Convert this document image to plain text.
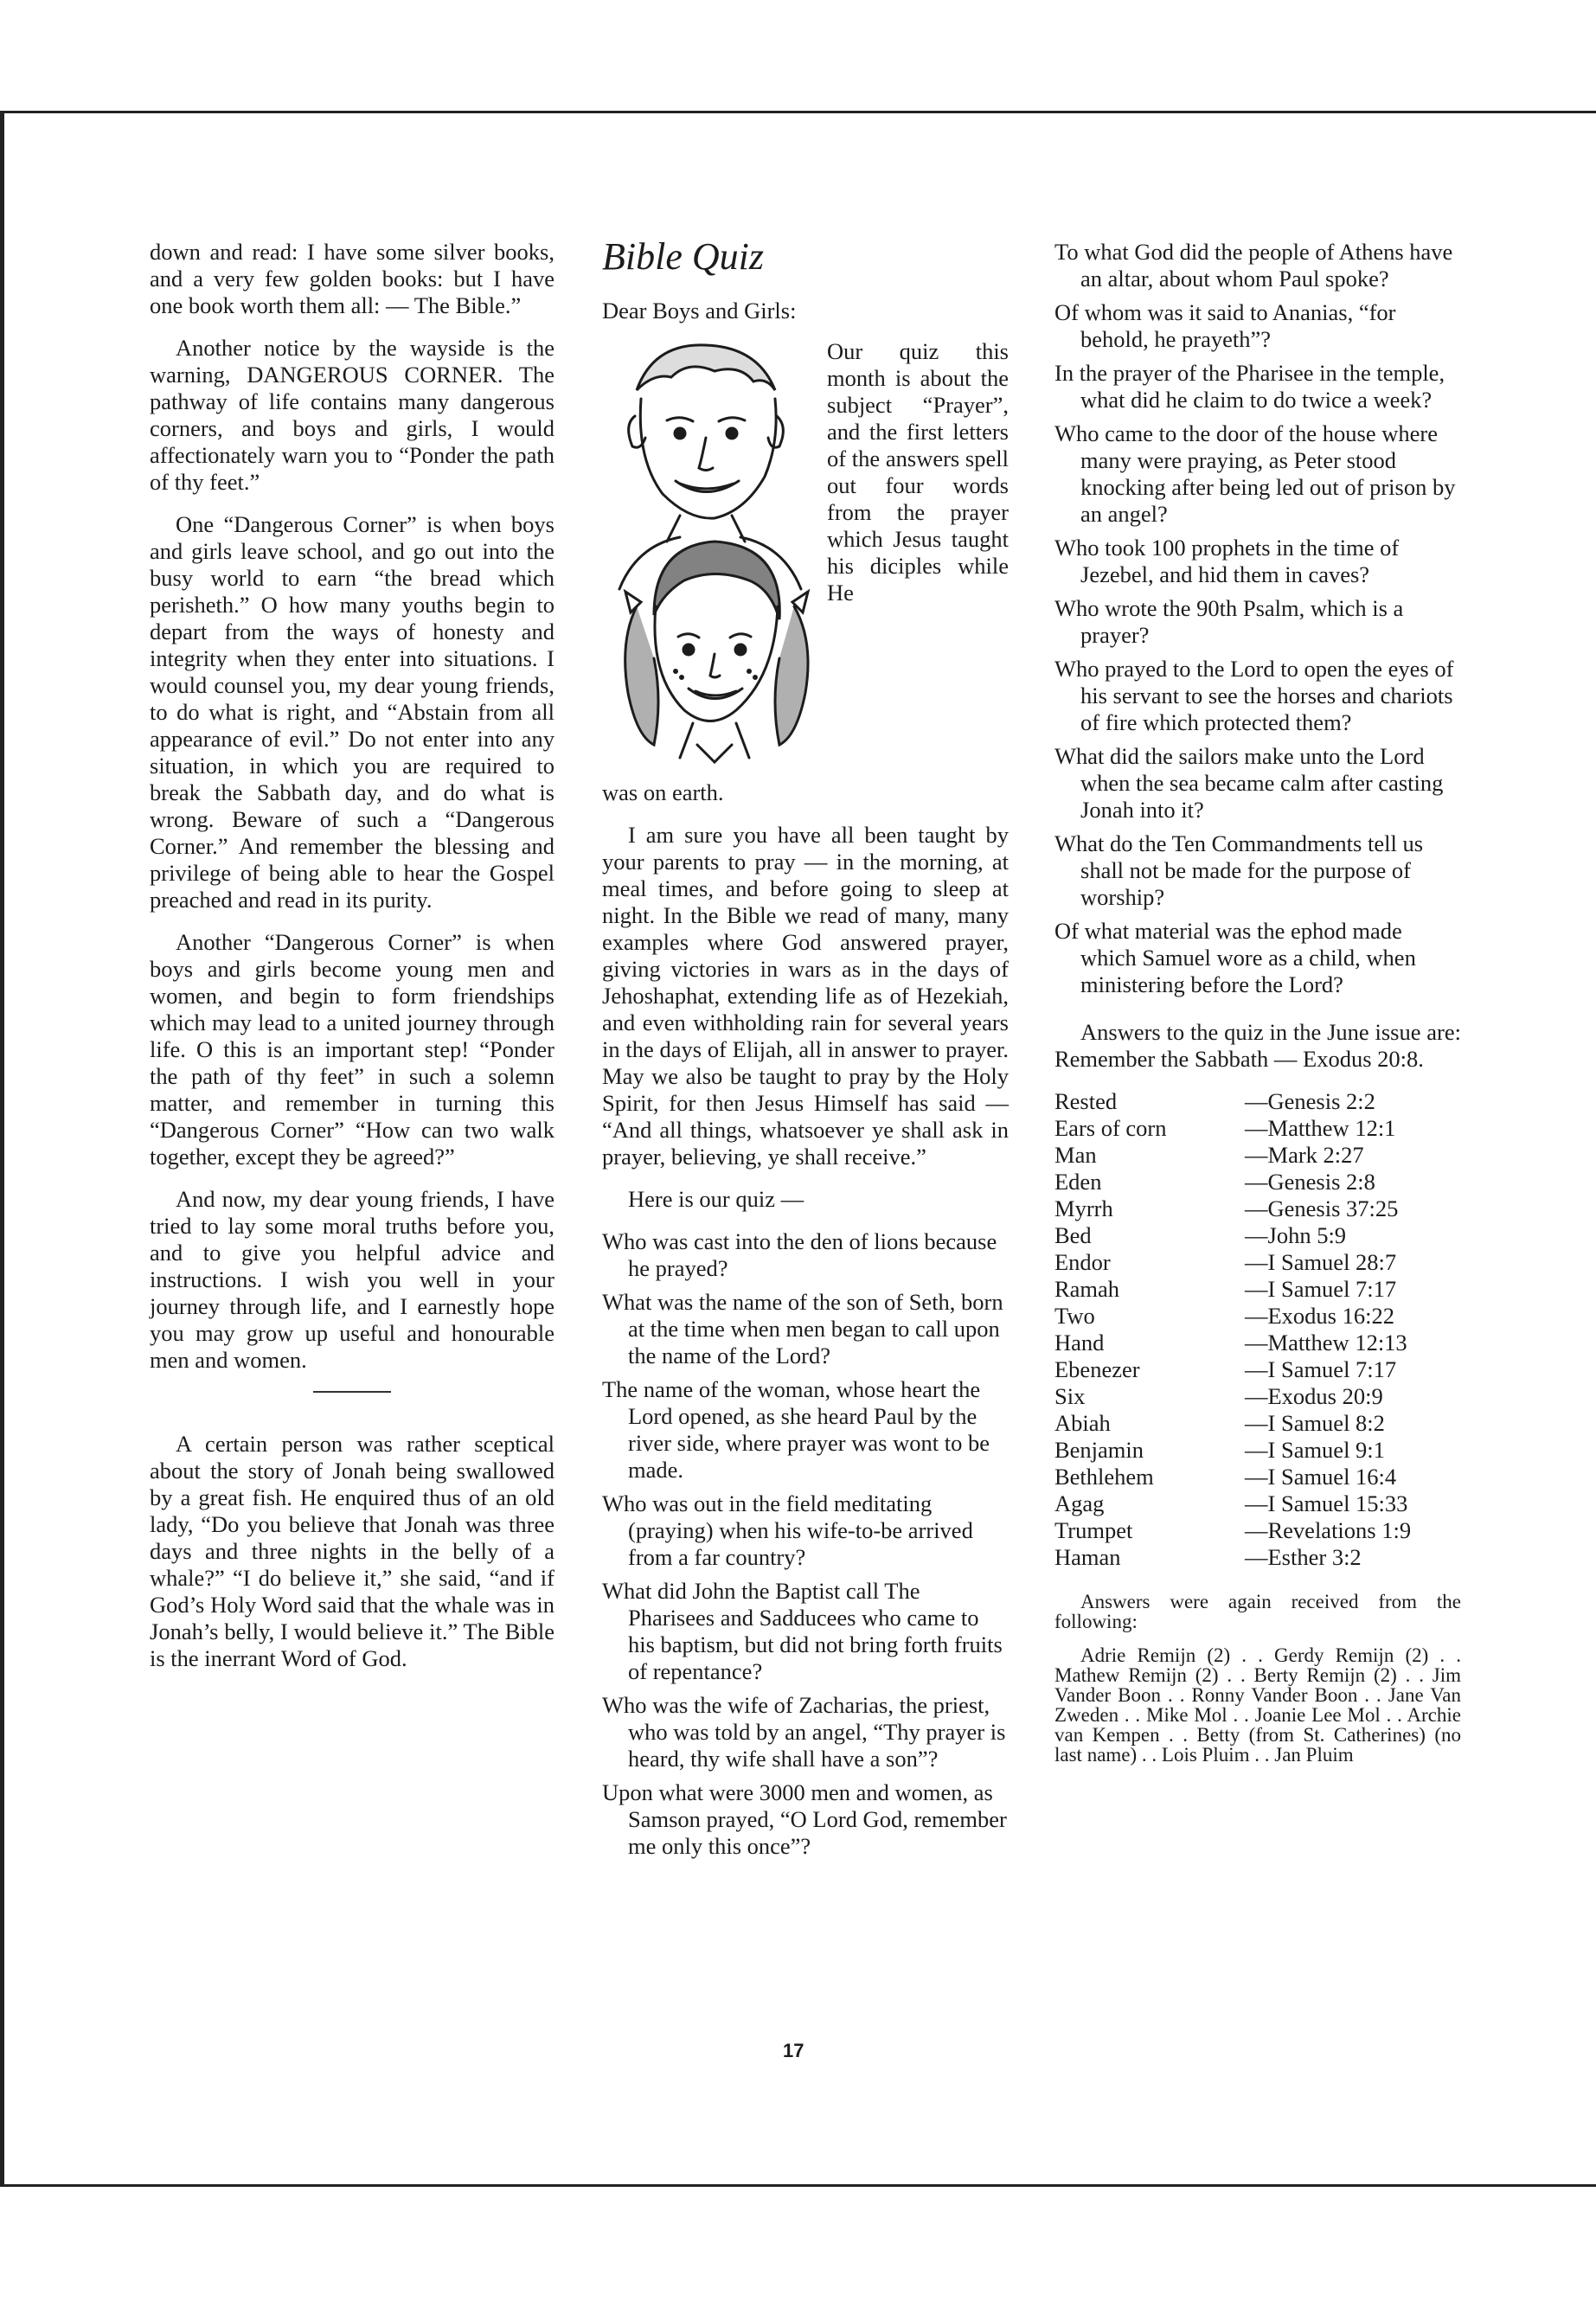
down and read: I have some silver books, and a very few golden books: but I have one book worth them all: — The Bible.”

Another notice by the wayside is the warning, DANGEROUS CORNER. The pathway of life contains many dangerous corners, and boys and girls, I would affectionately warn you to “Ponder the path of thy feet.”

One “Dangerous Corner” is when boys and girls leave school, and go out into the busy world to earn “the bread which perisheth.” O how many youths begin to depart from the ways of honesty and integrity when they enter into situations. I would counsel you, my dear young friends, to do what is right, and “Abstain from all appearance of evil.” Do not enter into any situation, in which you are required to break the Sabbath day, and do what is wrong. Beware of such a “Dangerous Corner.” And remember the blessing and privilege of being able to hear the Gospel preached and read in its purity.

Another “Dangerous Corner” is when boys and girls become young men and women, and begin to form friendships which may lead to a united journey through life. O this is an important step! “Ponder the path of thy feet” in such a solemn matter, and remember in turning this “Dangerous Corner” “How can two walk together, except they be agreed?”

And now, my dear young friends, I have tried to lay some moral truths before you, and to give you helpful advice and instructions. I wish you well in your journey through life, and I earnestly hope you may grow up useful and honourable men and women.

A certain person was rather sceptical about the story of Jonah being swallowed by a great fish. He enquired thus of an old lady, “Do you believe that Jonah was three days and three nights in the belly of a whale?” “I do believe it,” she said, “and if God’s Holy Word said that the whale was in Jonah’s belly, I would believe it.” The Bible is the inerrant Word of God.

Bible Quiz

Dear Boys and Girls:

Our quiz this month is about the subject “Prayer”, and the first letters of the answers spell out four words from the prayer which Jesus taught his diciples while He

was on earth.

I am sure you have all been taught by your parents to pray — in the morning, at meal times, and before going to sleep at night. In the Bible we read of many, many examples where God answered prayer, giving victories in wars as in the days of Jehoshaphat, extending life as of Hezekiah, and even withholding rain for several years in the days of Elijah, all in answer to prayer. May we also be taught to pray by the Holy Spirit, for then Jesus Himself has said — “And all things, whatsoever ye shall ask in prayer, believing, ye shall receive.”

Here is our quiz —

Who was cast into the den of lions because he prayed?

What was the name of the son of Seth, born at the time when men began to call upon the name of the Lord?

The name of the woman, whose heart the Lord opened, as she heard Paul by the river side, where prayer was wont to be made.

Who was out in the field meditating (praying) when his wife-to-be arrived from a far country?

What did John the Baptist call The Pharisees and Sadducees who came to his baptism, but did not bring forth fruits of repentance?

Who was the wife of Zacharias, the priest, who was told by an angel, “Thy prayer is heard, thy wife shall have a son”?

Upon what were 3000 men and women, as Samson prayed, “O Lord God, remember me only this once”?

To what God did the people of Athens have an altar, about whom Paul spoke?

Of whom was it said to Ananias, “for behold, he prayeth”?

In the prayer of the Pharisee in the temple, what did he claim to do twice a week?

Who came to the door of the house where many were praying, as Peter stood knocking after being led out of prison by an angel?

Who took 100 prophets in the time of Jezebel, and hid them in caves?

Who wrote the 90th Psalm, which is a prayer?

Who prayed to the Lord to open the eyes of his servant to see the horses and chariots of fire which protected them?

What did the sailors make unto the Lord when the sea became calm after casting Jonah into it?

What do the Ten Commandments tell us shall not be made for the purpose of worship?

Of what material was the ephod made which Samuel wore as a child, when ministering before the Lord?

Answers to the quiz in the June issue are: Remember the Sabbath — Exodus 20:8.

Rested	—Genesis 2:2
Ears of corn	—Matthew 12:1
Man	—Mark 2:27
Eden	—Genesis 2:8
Myrrh	—Genesis 37:25
Bed	—John 5:9
Endor	—I Samuel 28:7
Ramah	—I Samuel 7:17
Two	—Exodus 16:22
Hand	—Matthew 12:13
Ebenezer	—I Samuel 7:17
Six	—Exodus 20:9
Abiah	—I Samuel 8:2
Benjamin	—I Samuel 9:1
Bethlehem	—I Samuel 16:4
Agag	—I Samuel 15:33
Trumpet	—Revelations 1:9
Haman	—Esther 3:2

Answers were again received from the following:

Adrie Remijn (2) . . Gerdy Remijn (2) . . Mathew Remijn (2) . . Berty Remijn (2) . . Jim Vander Boon . . Ronny Vander Boon . . Jane Van Zweden . . Mike Mol . . Joanie Lee Mol . . Archie van Kempen . . Betty (from St. Catherines) (no last name) . . Lois Pluim . . Jan Pluim

17
